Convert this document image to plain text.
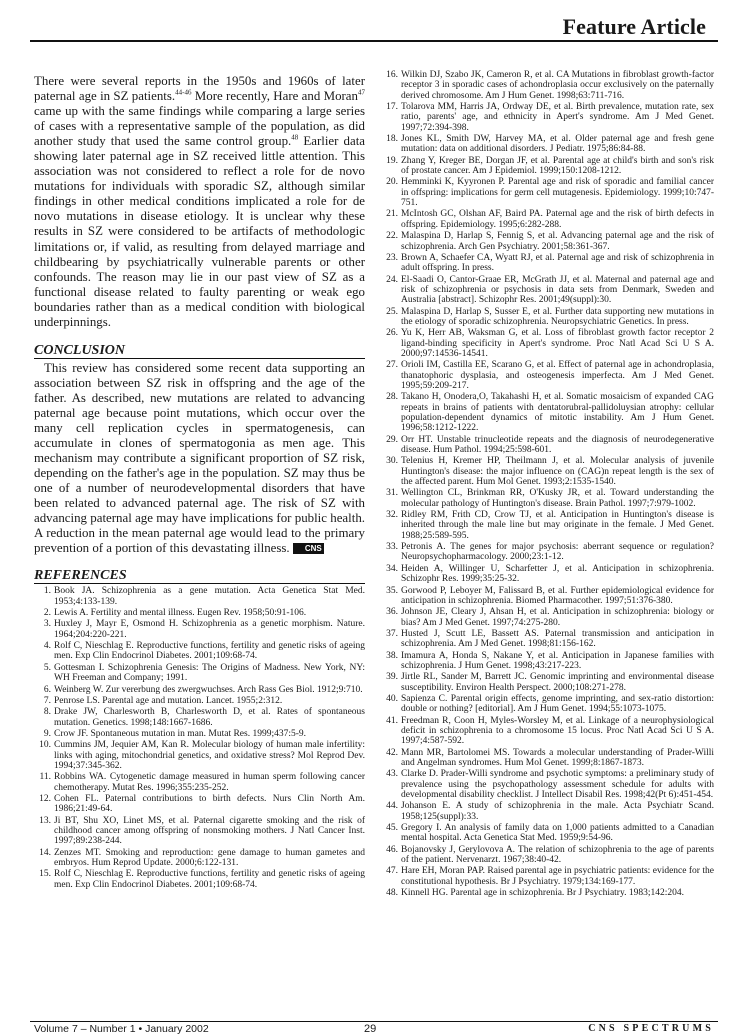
Feature Article

There were several reports in the 1950s and 1960s of later paternal age in SZ patients.$^{44-46}$ More recently, Hare and Moran$^{47}$ came up with the same findings while comparing a large series of cases with a representative sample of the population, as did another study that used the same control group.$^{48}$ Earlier data showing later paternal age in SZ received little attention. This association was not considered to reflect a role for de novo mutations for individuals with sporadic SZ, although similar findings in other medical conditions implicated a role for de novo mutations in disease etiology. It is unclear why these results in SZ were considered to be artifacts of methodologic limitations or, if valid, as resulting from delayed marriage and childbearing by psychiatrically vulnerable parents or other confounds. The reason may lie in our past view of SZ as a functional disease related to faulty parenting or weak ego boundaries rather than as a medical condition with biological underpinnings.

CONCLUSION

This review has considered some recent data supporting an association between SZ risk in offspring and the age of the father. As described, new mutations are related to advancing paternal age because point mutations, which occur over the many cell replication cycles in spermatogenesis, can accumulate in clones of spermatogonia as men age. This mechanism may contribute a significant proportion of SZ risk, depending on the father's age in the population. SZ may thus be one of a number of neurodevelopmental disorders that have been related to advanced paternal age. The risk of SZ with advancing paternal age may have implications for public health. A reduction in the mean paternal age would lead to the primary prevention of a portion of this devastating illness. CNS

REFERENCES
1. Book JA. Schizophrenia as a gene mutation. Acta Genetica Stat Med. 1953;4:133-139.
2. Lewis A. Fertility and mental illness. Eugen Rev. 1958;50:91-106.
3. Huxley J, Mayr E, Osmond H. Schizophrenia as a genetic morphism. Nature. 1964;204:220-221.
4. Rolf C, Nieschlag E. Reproductive functions, fertility and genetic risks of ageing men. Exp Clin Endocrinol Diabetes. 2001;109:68-74.
5. Gottesman I. Schizophrenia Genesis: The Origins of Madness. New York, NY: WH Freeman and Company; 1991.
6. Weinberg W. Zur vererbung des zwergwuchses. Arch Rass Ges Biol. 1912;9:710.
7. Penrose LS. Parental age and mutation. Lancet. 1955;2:312.
8. Drake JW, Charlesworth B, Charlesworth D, et al. Rates of spontaneous mutation. Genetics. 1998;148:1667-1686.
9. Crow JF. Spontaneous mutation in man. Mutat Res. 1999;437:5-9.
10. Cummins JM, Jequier AM, Kan R. Molecular biology of human male infertility: links with aging, mitochondrial genetics, and oxidative stress? Mol Reprod Dev. 1994;37:345-362.
11. Robbins WA. Cytogenetic damage measured in human sperm following cancer chemotherapy. Mutat Res. 1996;355:235-252.
12. Cohen FL. Paternal contributions to birth defects. Nurs Clin North Am. 1986;21:49-64.
13. Ji BT, Shu XO, Linet MS, et al. Paternal cigarette smoking and the risk of childhood cancer among offspring of nonsmoking mothers. J Natl Cancer Inst. 1997;89:238-244.
14. Zenzes MT. Smoking and reproduction: gene damage to human gametes and embryos. Hum Reprod Update. 2000;6:122-131.
15. Rolf C, Nieschlag E. Reproductive functions, fertility and genetic risks of ageing men. Exp Clin Endocrinol Diabetes. 2001;109:68-74.
16. Wilkin DJ, Szabo JK, Cameron R, et al. CA Mutations in fibroblast growth-factor receptor 3 in sporadic cases of achondroplasia occur exclusively on the paternally derived chromosome. Am J Hum Genet. 1998;63:711-716.
17. Tolarova MM, Harris JA, Ordway DE, et al. Birth prevalence, mutation rate, sex ratio, parents' age, and ethnicity in Apert's syndrome. Am J Med Genet. 1997;72:394-398.
18. Jones KL, Smith DW, Harvey MA, et al. Older paternal age and fresh gene mutation: data on additional disorders. J Pediatr. 1975;86:84-88.
19. Zhang Y, Kreger BE, Dorgan JF, et al. Parental age at child's birth and son's risk of prostate cancer. Am J Epidemiol. 1999;150:1208-1212.
20. Hemminki K, Kyyronen P. Parental age and risk of sporadic and familial cancer in offspring: implications for germ cell mutagenesis. Epidemiology. 1999;10:747-751.
21. McIntosh GC, Olshan AF, Baird PA. Paternal age and the risk of birth defects in offspring. Epidemiology. 1995;6:282-288.
22. Malaspina D, Harlap S, Fennig S, et al. Advancing paternal age and the risk of schizophrenia. Arch Gen Psychiatry. 2001;58:361-367.
23. Brown A, Schaefer CA, Wyatt RJ, et al. Paternal age and risk of schizophrenia in adult offspring. In press.
24. El-Saadi O, Cantor-Graae ER, McGrath JJ, et al. Maternal and paternal age and risk of schizophrenia or psychosis in data sets from Denmark, Sweden and Australia [abstract]. Schizophr Res. 2001;49(suppl):30.
25. Malaspina D, Harlap S, Susser E, et al. Further data supporting new mutations in the etiology of sporadic schizophrenia. Neuropsychiatric Genetics. In press.
26. Yu K, Herr AB, Waksman G, et al. Loss of fibroblast growth factor receptor 2 ligand-binding specificity in Apert's syndrome. Proc Natl Acad Sci U S A. 2000;97:14536-14541.
27. Orioli IM, Castilla EE, Scarano G, et al. Effect of paternal age in achondroplasia, thanatophoric dysplasia, and osteogenesis imperfecta. Am J Med Genet. 1995;59:209-217.
28. Takano H, Onodera,O, Takahashi H, et al. Somatic mosaicism of expanded CAG repeats in brains of patients with dentatorubral-pallidoluysian atrophy: cellular population-dependent dynamics of mitotic instability. Am J Hum Genet. 1996;58:1212-1222.
29. Orr HT. Unstable trinucleotide repeats and the diagnosis of neurodegenerative disease. Hum Pathol. 1994;25:598-601.
30. Telenius H, Kremer HP, Theilmann J, et al. Molecular analysis of juvenile Huntington's disease: the major influence on (CAG)n repeat length is the sex of the affected parent. Hum Mol Genet. 1993;2:1535-1540.
31. Wellington CL, Brinkman RR, O'Kusky JR, et al. Toward understanding the molecular pathology of Huntington's disease. Brain Pathol. 1997;7:979-1002.
32. Ridley RM, Frith CD, Crow TJ, et al. Anticipation in Huntington's disease is inherited through the male line but may originate in the female. J Med Genet. 1988;25:589-595.
33. Petronis A. The genes for major psychosis: aberrant sequence or regulation? Neuropsychopharmacology. 2000;23:1-12.
34. Heiden A, Willinger U, Scharfetter J, et al. Anticipation in schizophrenia. Schizophr Res. 1999;35:25-32.
35. Gorwood P, Leboyer M, Falissard B, et al. Further epidemiological evidence for anticipation in schizophrenia. Biomed Pharmacother. 1997;51:376-380.
36. Johnson JE, Cleary J, Ahsan H, et al. Anticipation in schizophrenia: biology or bias? Am J Med Genet. 1997;74:275-280.
37. Husted J, Scutt LE, Bassett AS. Paternal transmission and anticipation in schizophrenia. Am J Med Genet. 1998;81:156-162.
38. Imamura A, Honda S, Nakane Y, et al. Anticipation in Japanese families with schizophrenia. J Hum Genet. 1998;43:217-223.
39. Jirtle RL, Sander M, Barrett JC. Genomic imprinting and environmental disease susceptibility. Environ Health Perspect. 2000;108:271-278.
40. Sapienza C. Parental origin effects, genome imprinting, and sex-ratio distortion: double or nothing? [editorial]. Am J Hum Genet. 1994;55:1073-1075.
41. Freedman R, Coon H, Myles-Worsley M, et al. Linkage of a neurophysiological deficit in schizophrenia to a chromosome 15 locus. Proc Natl Acad Sci U S A. 1997;4:587-592.
42. Mann MR, Bartolomei MS. Towards a molecular understanding of Prader-Willi and Angelman syndromes. Hum Mol Genet. 1999;8:1867-1873.
43. Clarke D. Prader-Willi syndrome and psychotic symptoms: a preliminary study of prevalence using the psychopathology assessment schedule for adults with developmental disability checklist. J Intellect Disabil Res. 1998;42(Pt 6):451-454.
44. Johanson E. A study of schizophrenia in the male. Acta Psychiatr Scand. 1958;125(suppl):33.
45. Gregory I. An analysis of family data on 1,000 patients admitted to a Canadian mental hospital. Acta Genetica Stat Med. 1959;9:54-96.
46. Bojanovsky J, Gerylovova A. The relation of schizophrenia to the age of parents of the patient. Nervenarzt. 1967;38:40-42.
47. Hare EH, Moran PAP. Raised parental age in psychiatric patients: evidence for the constitutional hypothesis. Br J Psychiatry. 1979;134:169-177.
48. Kinnell HG. Parental age in schizophrenia. Br J Psychiatry. 1983;142:204.
Volume 7 – Number 1 • January 2002	29	CNS SPECTRUMS
